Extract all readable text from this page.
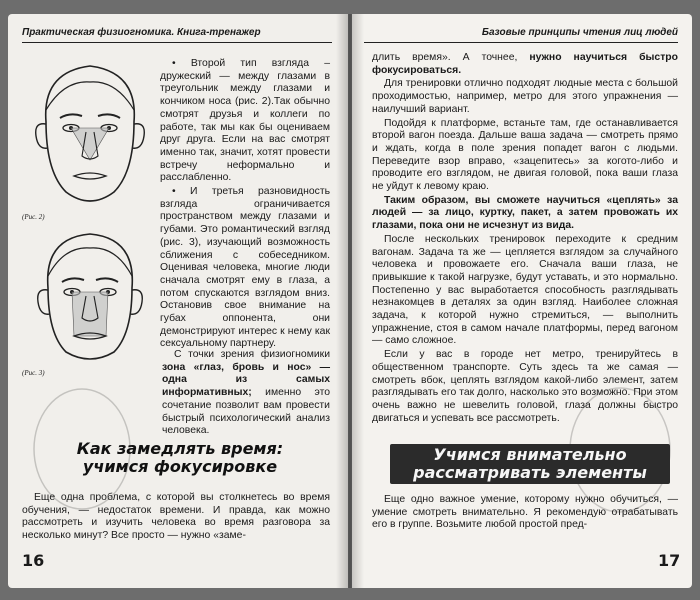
Практическая физиогномика. Книга-тренажер
(Рис. 2)
(Рис. 3)

• Второй тип взгляда – дружеский — между глазами в треугольник между глазами и кончиком носа (рис. 2).Так обычно смотрят друзья и коллеги по работе, так мы как бы оцениваем друг друга. Если на вас смотрят именно так, значит, хотят провести встречу неформально и расслабленно.

• И третья разновидность взгляда ограничивается пространством между глазами и губами. Это романтический взгляд (рис. 3), изучающий возможность сближения с собеседником. Оценивая человека, многие люди сначала смотрят ему в глаза, а потом спускаются взглядом вниз. Остановив свое внимание на губах оппонента, они демонстрируют интерес к нему как сексуальному партнеру.

С точки зрения физиогномики зона «глаз, бровь и нос» — одна из самых информативных; именно это сочетание позволит вам провести быстрый психологический анализ человека.

Как замедлять время:
учимся фокусировке

Еще одна проблема, с которой вы столкнетесь во время обучения, — недостаток времени. И правда, как можно рассмотреть и изучить человека во время разговора за несколько минут? Все просто — нужно «заме-

16
Базовые принципы чтения лиц людей

длить время». А точнее, нужно научиться быстро фокусироваться.

Для тренировки отлично подходят людные места с большой проходимостью, например, метро для этого упражнения — наилучший вариант.

Подойдя к платформе, встаньте там, где останавливается второй вагон поезда. Дальше ваша задача — смотреть прямо и ждать, когда в поле зрения попадет вагон с людьми. Переведите взор вправо, «зацепитесь» за когото-либо и проводите его взглядом, не двигая головой, пока ваши глаза не уйдут к левому краю.

Таким образом, вы сможете научиться «цеплять» за людей — за лицо, куртку, пакет, а затем провожать их глазами, пока они не исчезнут из вида.

После нескольких тренировок переходите к средним вагонам. Задача та же — цепляется взглядом за случайного человека и провожаете его. Сначала ваши глаза, не привыкшие к такой нагрузке, будут уставать, и это нормально. Постепенно у вас выработается способность разглядывать незнакомцев в деталях за один взгляд. Наиболее сложная задача, к которой нужно стремиться, — выполнить упражнение, стоя в самом начале платформы, перед вагоном — само сложное.

Если у вас в городе нет метро, тренируйтесь в общественном транспорте. Суть здесь та же самая — смотреть вбок, цеплять взглядом какой-либо элемент, затем разглядывать его так долго, насколько это возможно. При этом очень важно не шевелить головой, глаза должны быстро двигаться и успевать все рассмотреть.

Учимся внимательно
рассматривать элементы

Еще одно важное умение, которому нужно обучиться, — умение смотреть внимательно. Я рекомендую отрабатывать его в группе. Возьмите любой простой пред-

17
